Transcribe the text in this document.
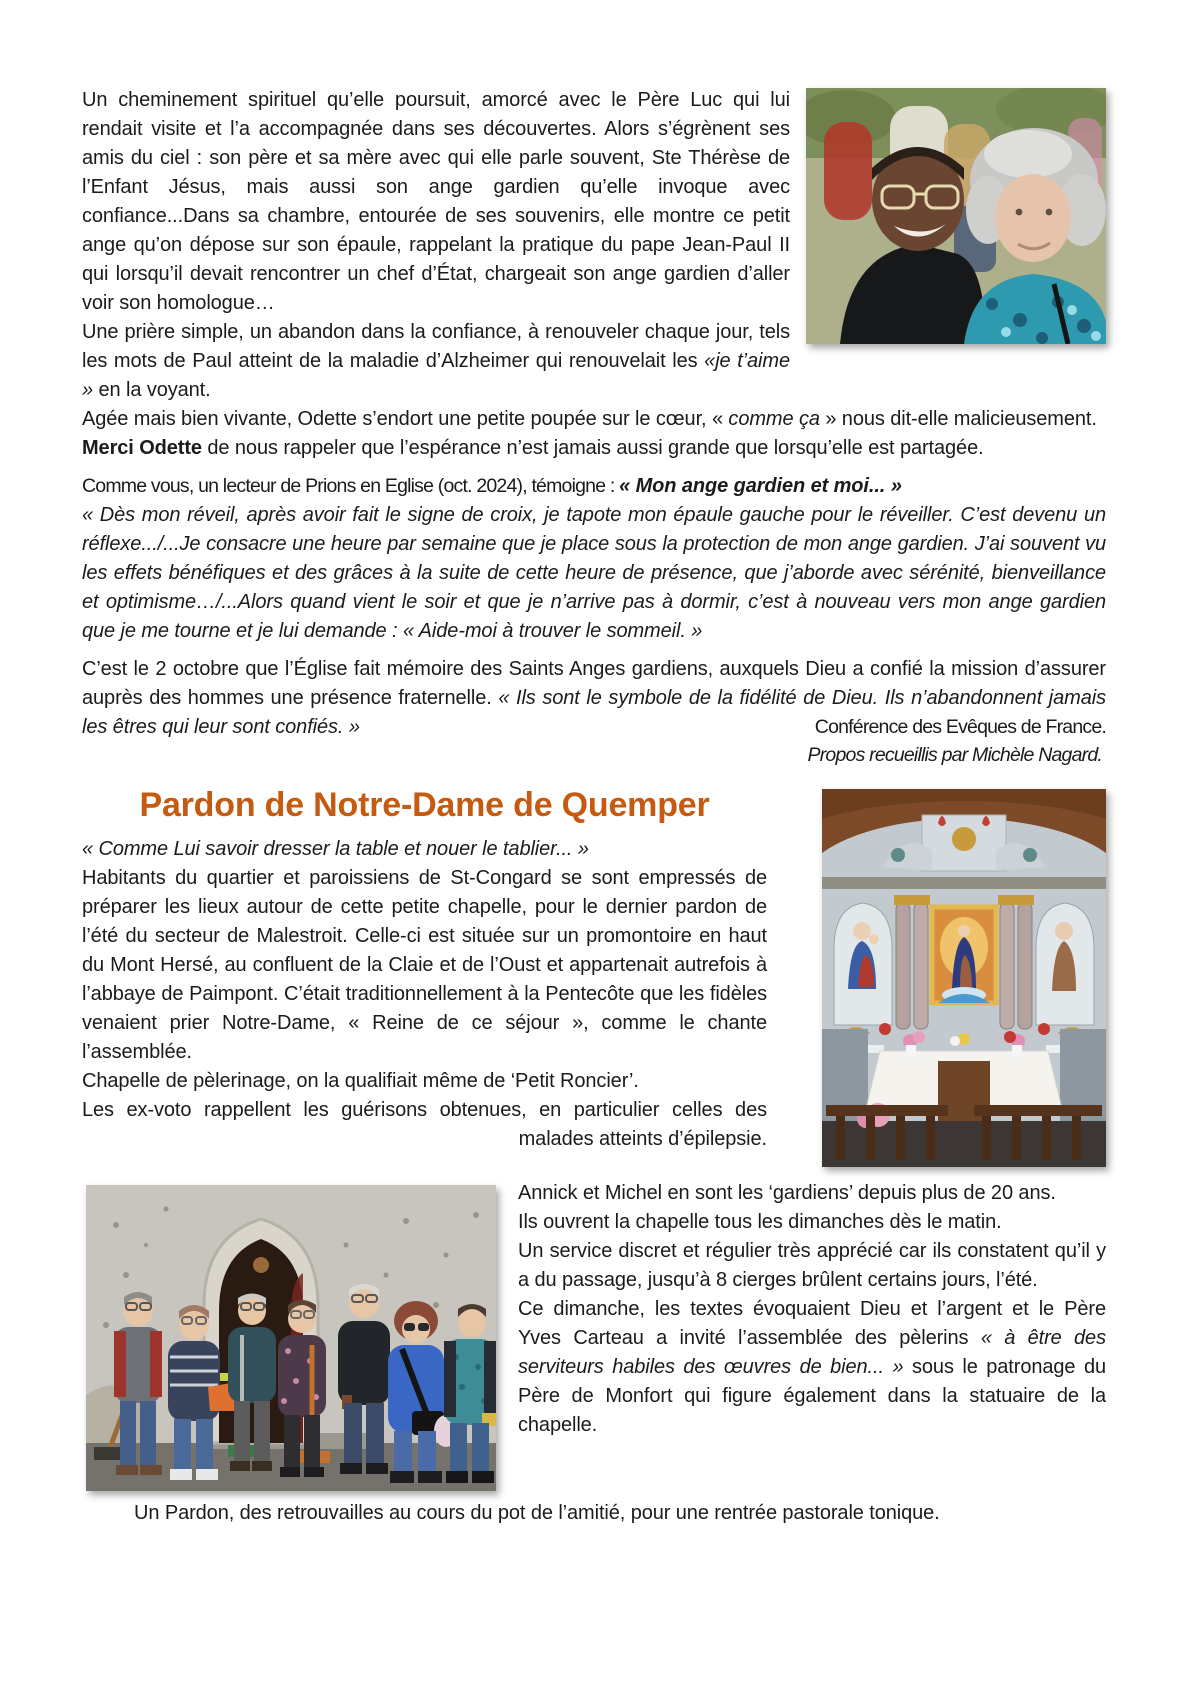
Un cheminement spirituel qu’elle poursuit, amorcé avec le Père Luc qui lui rendait visite et l’a accompagnée dans ses découvertes. Alors s’égrènent ses amis du ciel : son père et sa mère avec qui elle parle souvent, Ste Thérèse de l’Enfant Jésus, mais aussi son ange gardien qu’elle invoque avec confiance...Dans sa chambre, entourée de ses souvenirs, elle montre ce petit ange qu’on dépose sur son épaule, rappelant la pratique du pape Jean-Paul II qui lorsqu’il devait rencontrer un chef d’État, chargeait son ange gardien d’aller voir son homologue…

Une prière simple, un abandon dans la confiance, à renouveler chaque jour, tels les mots de Paul atteint de la maladie d’Alzheimer qui renouvelait les «je t’aime » en la voyant.

Agée mais bien vivante, Odette s’endort une petite poupée sur le cœur, « comme ça » nous dit-elle malicieusement.

Merci Odette de nous rappeler que l’espérance n’est jamais aussi grande que lorsqu’elle est partagée.

Comme vous, un lecteur de Prions en Eglise (oct. 2024), témoigne : « Mon ange gardien et moi... »

« Dès mon réveil, après avoir fait le signe de croix, je tapote mon épaule gauche pour le réveiller. C’est devenu un réflexe.../...Je consacre une heure par semaine que je place sous la protection de mon ange gardien. J’ai souvent vu les effets bénéfiques et des grâces à la suite de cette heure de présence, que j’aborde avec sérénité, bienveillance et optimisme…/...Alors quand vient le soir et que je n’arrive pas à dormir, c’est à nouveau vers mon ange gardien que je me tourne et je lui demande : « Aide-moi à trouver le sommeil. »

C’est le 2 octobre que l’Église fait mémoire des Saints Anges gardiens, auxquels Dieu a confié la mission d’assurer auprès des hommes une présence fraternelle. « Ils sont le symbole de la fidélité de Dieu. Ils n’abandonnent jamais les êtres qui leur sont confiés. »	Conférence des Evêques de France.

Propos recueillis par Michèle Nagard.
Pardon de Notre-Dame de Quemper

« Comme Lui savoir dresser la table et nouer le tablier... »

Habitants du quartier et paroissiens de St-Congard se sont empressés de préparer les lieux autour de cette petite chapelle, pour le dernier pardon de l’été du secteur de Malestroit. Celle-ci est située sur un promontoire en haut du Mont Hersé, au confluent de la Claie et de l’Oust et appartenait autrefois à l’abbaye de Paimpont. C’était traditionnellement à la Pentecôte que les fidèles venaient prier Notre-Dame, « Reine de ce séjour », comme le chante l’assemblée.

Chapelle de pèlerinage, on la qualifiait même de ‘Petit Roncier’.

Les ex-voto rappellent les guérisons obtenues, en particulier celles des

malades atteints d’épilepsie.

Annick et Michel en sont les ‘gardiens’ depuis plus de 20 ans.

Ils ouvrent la chapelle tous les dimanches dès le matin.

Un service discret et régulier très apprécié car ils constatent qu’il y a du passage, jusqu’à 8 cierges brûlent certains jours, l’été.

Ce dimanche, les textes évoquaient Dieu et l’argent et le Père Yves Carteau a invité l’assemblée des pèlerins « à être des serviteurs habiles des œuvres de bien... » sous le patronage du Père de Monfort qui figure également dans la statuaire de la chapelle.

Un Pardon, des retrouvailles au cours du pot de l’amitié, pour une rentrée pastorale tonique.
